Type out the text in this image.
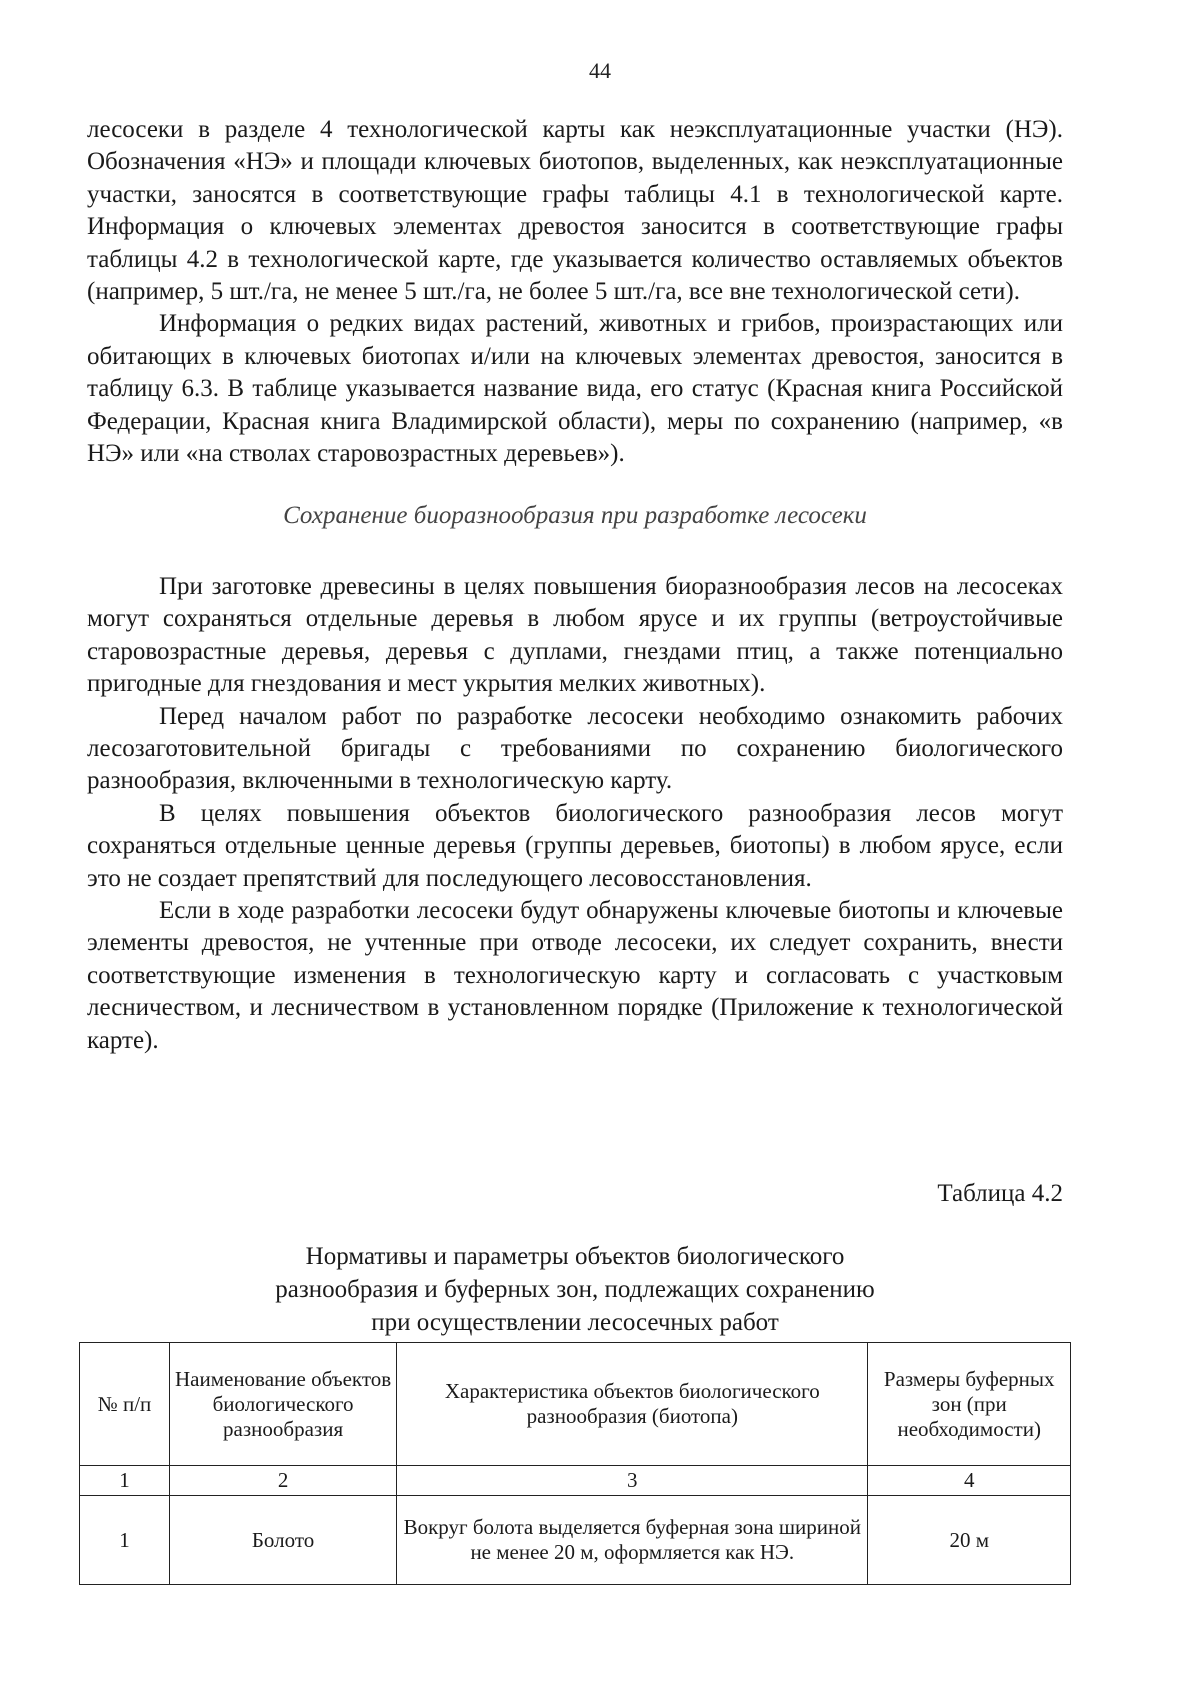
44

лесосеки в разделе 4 технологической карты как неэксплуатационные участки (НЭ). Обозначения «НЭ» и площади ключевых биотопов, выделенных, как неэксплуатационные участки, заносятся в соответствующие графы таблицы 4.1 в технологической карте. Информация о ключевых элементах древостоя заносится в соответствующие графы таблицы 4.2 в технологической карте, где указывается количество оставляемых объектов (например, 5 шт./га, не менее 5 шт./га, не более 5 шт./га, все вне технологической сети).

Информация о редких видах растений, животных и грибов, произрастающих или обитающих в ключевых биотопах и/или на ключевых элементах древостоя, заносится в таблицу 6.3. В таблице указывается название вида, его статус (Красная книга Российской Федерации, Красная книга Владимирской области), меры по сохранению (например, «в НЭ» или «на стволах старовозрастных деревьев»).

Сохранение биоразнообразия при разработке лесосеки

При заготовке древесины в целях повышения биоразнообразия лесов на лесосеках могут сохраняться отдельные деревья в любом ярусе и их группы (ветроустойчивые старовозрастные деревья, деревья с дуплами, гнездами птиц, а также потенциально пригодные для гнездования и мест укрытия мелких животных).

Перед началом работ по разработке лесосеки необходимо ознакомить рабочих лесозаготовительной бригады с требованиями по сохранению биологического разнообразия, включенными в технологическую карту.

В целях повышения объектов биологического разнообразия лесов могут сохраняться отдельные ценные деревья (группы деревьев, биотопы) в любом ярусе, если это не создает препятствий для последующего лесовосстановления.

Если в ходе разработки лесосеки будут обнаружены ключевые биотопы и ключевые элементы древостоя, не учтенные при отводе лесосеки, их следует сохранить, внести соответствующие изменения в технологическую карту и согласовать с участковым лесничеством, и лесничеством в установленном порядке (Приложение к технологической карте).

Таблица 4.2
Нормативы и параметры объектов биологического
разнообразия и буферных зон, подлежащих сохранению
при осуществлении лесосечных работ
№ п/п	Наименование объектов биологического разнообразия	Характеристика объектов биологического разнообразия (биотопа)	Размеры буферных зон (при необходимости)
1	2	3	4
1	Болото	Вокруг болота выделяется буферная зона шириной не менее 20 м, оформляется как НЭ.	20 м
